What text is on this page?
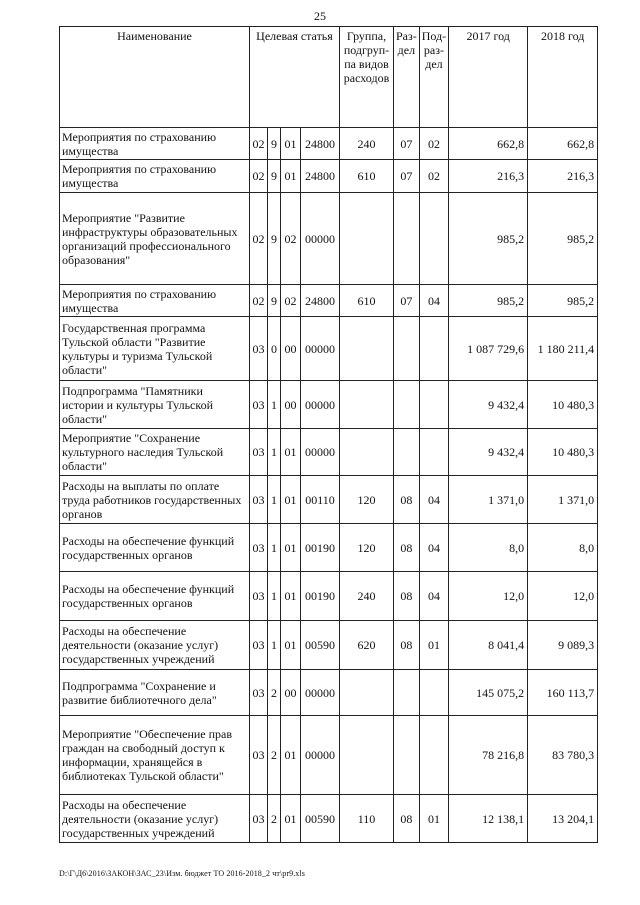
25
Наименование	Целевая статья				Группа, подгруп- па видов расходов	Раз- дел	Под- раз- дел	2017 год	2018 год
Мероприятия по страхованию имущества	02	9	01	24800	240	07	02	662,8	662,8
Мероприятия по страхованию имущества	02	9	01	24800	610	07	02	216,3	216,3
Мероприятие "Развитие инфраструктуры образовательных организаций профессионального образования"	02	9	02	00000				985,2	985,2
Мероприятия по страхованию имущества	02	9	02	24800	610	07	04	985,2	985,2
Государственная программа Тульской области "Развитие культуры и туризма Тульской области"	03	0	00	00000				1 087 729,6	1 180 211,4
Подпрограмма "Памятники истории и культуры Тульской области"	03	1	00	00000				9 432,4	10 480,3
Мероприятие "Сохранение культурного наследия Тульской области"	03	1	01	00000				9 432,4	10 480,3
Расходы на выплаты по оплате труда работников государственных органов	03	1	01	00110	120	08	04	1 371,0	1 371,0
Расходы на обеспечение функций государственных органов	03	1	01	00190	120	08	04	8,0	8,0
Расходы на обеспечение функций государственных органов	03	1	01	00190	240	08	04	12,0	12,0
Расходы на обеспечение деятельности (оказание услуг) государственных учреждений	03	1	01	00590	620	08	01	8 041,4	9 089,3
Подпрограмма "Сохранение и развитие библиотечного дела"	03	2	00	00000				145 075,2	160 113,7
Мероприятие "Обеспечение прав граждан на свободный доступ к информации, хранящейся в библиотеках Тульской области"	03	2	01	00000				78 216,8	83 780,3
Расходы на обеспечение деятельности (оказание услуг) государственных учреждений	03	2	01	00590	110	08	01	12 138,1	13 204,1
D:\Г\Д6\2016\ЗАКОН\ЗАС_23\Изм. бюджет ТО 2016-2018_2 чт\pr9.xls
